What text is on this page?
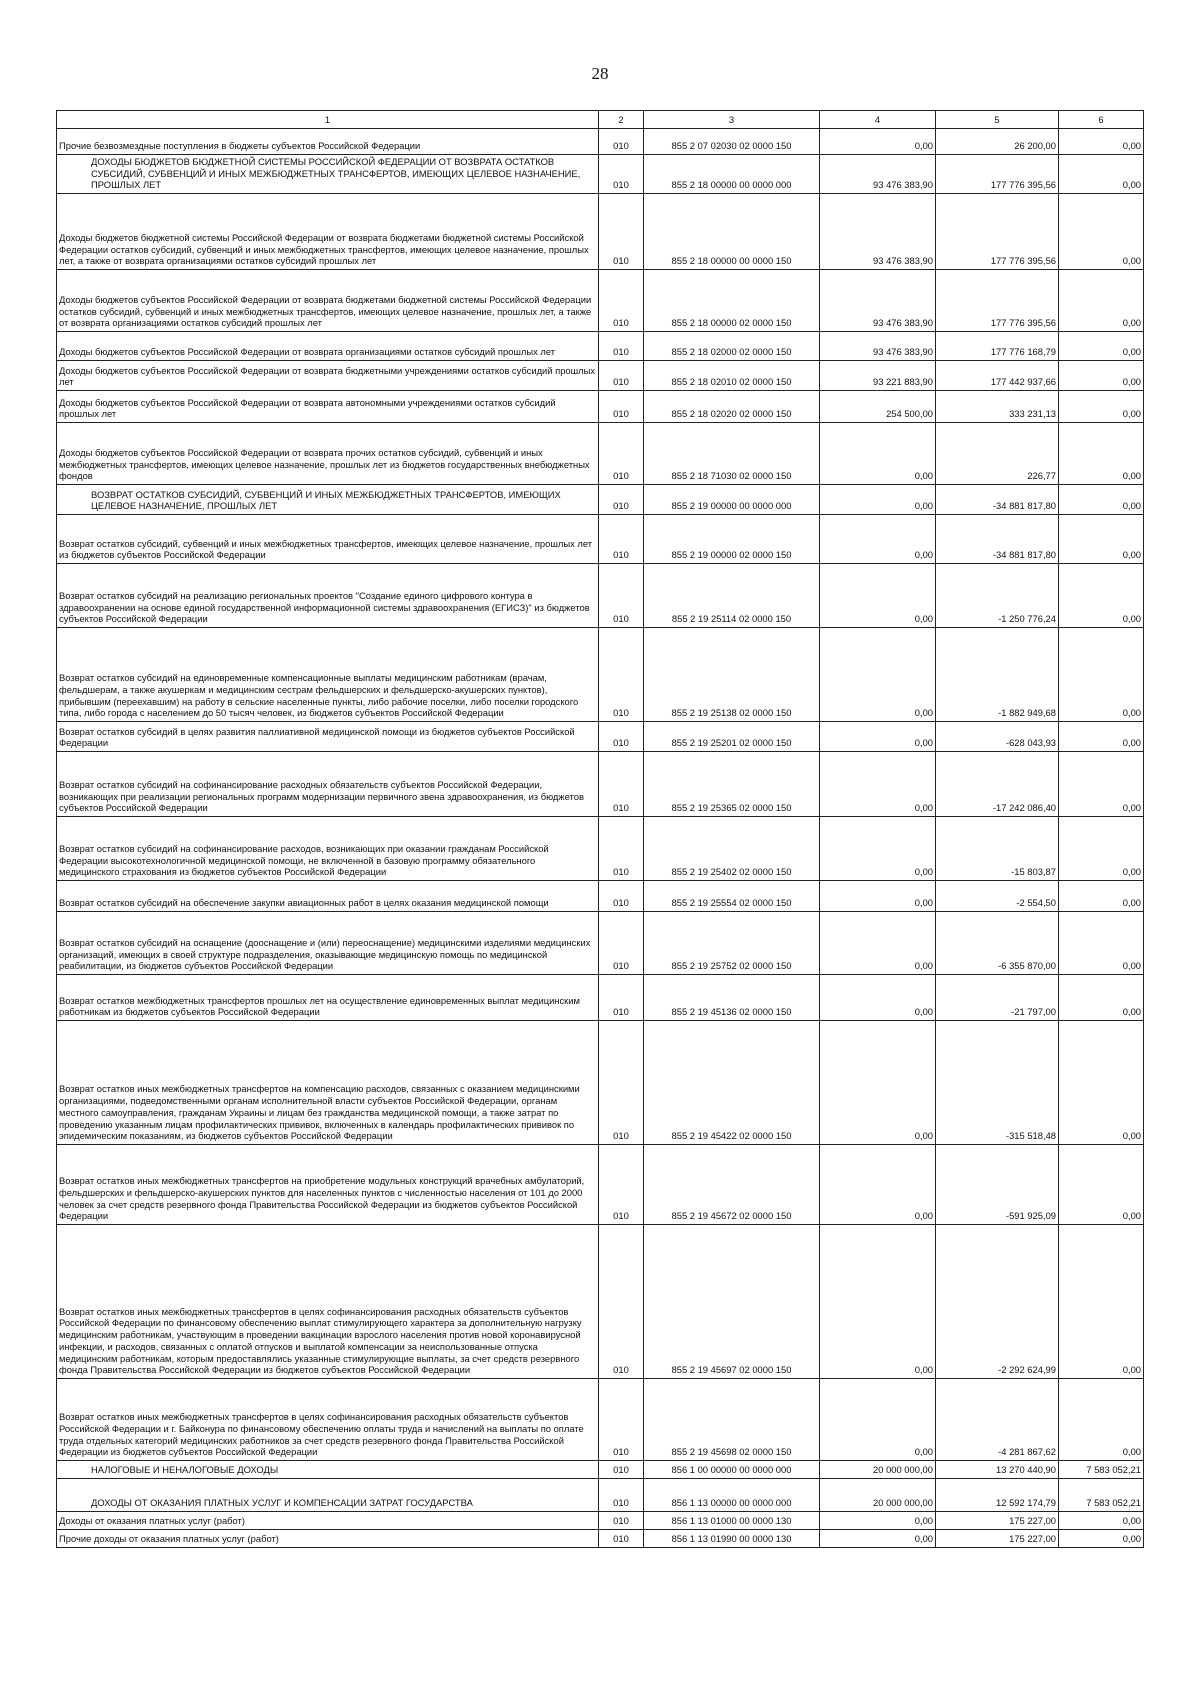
28
1	2	3	4	5	6
Прочие безвозмездные поступления в бюджеты субъектов Российской Федерации	010	855 2 07 02030 02 0000 150	0,00	26 200,00	0,00
ДОХОДЫ БЮДЖЕТОВ БЮДЖЕТНОЙ СИСТЕМЫ РОССИЙСКОЙ ФЕДЕРАЦИИ ОТ ВОЗВРАТА ОСТАТКОВ СУБСИДИЙ, СУБВЕНЦИЙ И ИНЫХ МЕЖБЮДЖЕТНЫХ ТРАНСФЕРТОВ, ИМЕЮЩИХ ЦЕЛЕВОЕ НАЗНАЧЕНИЕ, ПРОШЛЫХ ЛЕТ	010	855 2 18 00000 00 0000 000	93 476 383,90	177 776 395,56	0,00
Доходы бюджетов бюджетной системы Российской Федерации от возврата бюджетами бюджетной системы Российской Федерации остатков субсидий, субвенций и иных межбюджетных трансфертов, имеющих целевое назначение, прошлых лет, а также от возврата организациями остатков субсидий прошлых лет	010	855 2 18 00000 00 0000 150	93 476 383,90	177 776 395,56	0,00
Доходы бюджетов субъектов Российской Федерации от возврата бюджетами бюджетной системы Российской Федерации остатков субсидий, субвенций и иных межбюджетных трансфертов, имеющих целевое назначение, прошлых лет, а также от возврата организациями остатков субсидий прошлых лет	010	855 2 18 00000 02 0000 150	93 476 383,90	177 776 395,56	0,00
Доходы бюджетов субъектов Российской Федерации от возврата организациями остатков субсидий прошлых лет	010	855 2 18 02000 02 0000 150	93 476 383,90	177 776 168,79	0,00
Доходы бюджетов субъектов Российской Федерации от возврата бюджетными учреждениями остатков субсидий прошлых лет	010	855 2 18 02010 02 0000 150	93 221 883,90	177 442 937,66	0,00
Доходы бюджетов субъектов Российской Федерации от возврата автономными учреждениями остатков субсидий прошлых лет	010	855 2 18 02020 02 0000 150	254 500,00	333 231,13	0,00
Доходы бюджетов субъектов Российской Федерации от возврата прочих остатков субсидий, субвенций и иных межбюджетных трансфертов, имеющих целевое назначение, прошлых лет из бюджетов государственных внебюджетных фондов	010	855 2 18 71030 02 0000 150	0,00	226,77	0,00
ВОЗВРАТ ОСТАТКОВ СУБСИДИЙ, СУБВЕНЦИЙ И ИНЫХ МЕЖБЮДЖЕТНЫХ ТРАНСФЕРТОВ, ИМЕЮЩИХ ЦЕЛЕВОЕ НАЗНАЧЕНИЕ, ПРОШЛЫХ ЛЕТ	010	855 2 19 00000 00 0000 000	0,00	-34 881 817,80	0,00
Возврат остатков субсидий, субвенций и иных межбюджетных трансфертов, имеющих целевое назначение, прошлых лет из бюджетов субъектов Российской Федерации	010	855 2 19 00000 02 0000 150	0,00	-34 881 817,80	0,00
Возврат остатков субсидий на реализацию региональных проектов "Создание единого цифрового контура в здравоохранении на основе единой государственной информационной системы здравоохранения (ЕГИСЗ)" из бюджетов субъектов Российской Федерации	010	855 2 19 25114 02 0000 150	0,00	-1 250 776,24	0,00
Возврат остатков субсидий на единовременные компенсационные выплаты медицинским работникам (врачам, фельдшерам, а также акушеркам и медицинским сестрам фельдшерских и фельдшерско-акушерских пунктов), прибывшим (переехавшим) на работу в сельские населенные пункты, либо рабочие поселки, либо поселки городского типа, либо города с населением до 50 тысяч человек, из бюджетов субъектов Российской Федерации	010	855 2 19 25138 02 0000 150	0,00	-1 882 949,68	0,00
Возврат остатков субсидий в целях развития паллиативной медицинской помощи из бюджетов субъектов Российской Федерации	010	855 2 19 25201 02 0000 150	0,00	-628 043,93	0,00
Возврат остатков субсидий на софинансирование расходных обязательств субъектов Российской Федерации, возникающих при реализации региональных программ модернизации первичного звена здравоохранения, из бюджетов субъектов Российской Федерации	010	855 2 19 25365 02 0000 150	0,00	-17 242 086,40	0,00
Возврат остатков субсидий на софинансирование расходов, возникающих при оказании гражданам Российской Федерации высокотехнологичной медицинской помощи, не включенной в базовую программу обязательного медицинского страхования из бюджетов субъектов Российской Федерации	010	855 2 19 25402 02 0000 150	0,00	-15 803,87	0,00
Возврат остатков субсидий на обеспечение закупки авиационных работ в целях оказания медицинской помощи	010	855 2 19 25554 02 0000 150	0,00	-2 554,50	0,00
Возврат остатков субсидий на оснащение (дооснащение и (или) переоснащение) медицинскими изделиями медицинских организаций, имеющих в своей структуре подразделения, оказывающие медицинскую помощь по медицинской реабилитации, из бюджетов субъектов Российской Федерации	010	855 2 19 25752 02 0000 150	0,00	-6 355 870,00	0,00
Возврат остатков межбюджетных трансфертов прошлых лет на осуществление единовременных выплат медицинским работникам из бюджетов субъектов Российской Федерации	010	855 2 19 45136 02 0000 150	0,00	-21 797,00	0,00
Возврат остатков иных межбюджетных трансфертов на компенсацию расходов, связанных с оказанием медицинскими организациями, подведомственными органам исполнительной власти субъектов Российской Федерации, органам местного самоуправления, гражданам Украины и лицам без гражданства медицинской помощи, а также затрат по проведению указанным лицам профилактических прививок, включенных в календарь профилактических прививок по эпидемическим показаниям, из бюджетов субъектов Российской Федерации	010	855 2 19 45422 02 0000 150	0,00	-315 518,48	0,00
Возврат остатков иных межбюджетных трансфертов на приобретение модульных конструкций врачебных амбулаторий, фельдшерских и фельдшерско-акушерских пунктов для населенных пунктов с численностью населения от 101 до 2000 человек за счет средств резервного фонда Правительства Российской Федерации из бюджетов субъектов Российской Федерации	010	855 2 19 45672 02 0000 150	0,00	-591 925,09	0,00
Возврат остатков иных межбюджетных трансфертов в целях софинансирования расходных обязательств субъектов Российской Федерации по финансовому обеспечению выплат стимулирующего характера за дополнительную нагрузку медицинским работникам, участвующим в проведении вакцинации взрослого населения против новой коронавирусной инфекции, и расходов, связанных с оплатой отпусков и выплатой компенсации за неиспользованные отпуска медицинским работникам, которым предоставлялись указанные стимулирующие выплаты, за счет средств резервного фонда Правительства Российской Федерации из бюджетов субъектов Российской Федерации	010	855 2 19 45697 02 0000 150	0,00	-2 292 624,99	0,00
Возврат остатков иных межбюджетных трансфертов в целях софинансирования расходных обязательств субъектов Российской Федерации и г. Байконура по финансовому обеспечению оплаты труда и начислений на выплаты по оплате труда отдельных категорий медицинских работников за счет средств резервного фонда Правительства Российской Федерации из бюджетов субъектов Российской Федерации	010	855 2 19 45698 02 0000 150	0,00	-4 281 867,62	0,00
НАЛОГОВЫЕ И НЕНАЛОГОВЫЕ ДОХОДЫ	010	856 1 00 00000 00 0000 000	20 000 000,00	13 270 440,90	7 583 052,21
ДОХОДЫ ОТ ОКАЗАНИЯ ПЛАТНЫХ УСЛУГ И КОМПЕНСАЦИИ ЗАТРАТ ГОСУДАРСТВА	010	856 1 13 00000 00 0000 000	20 000 000,00	12 592 174,79	7 583 052,21
Доходы от оказания платных услуг (работ)	010	856 1 13 01000 00 0000 130	0,00	175 227,00	0,00
Прочие доходы от оказания платных услуг (работ)	010	856 1 13 01990 00 0000 130	0,00	175 227,00	0,00
